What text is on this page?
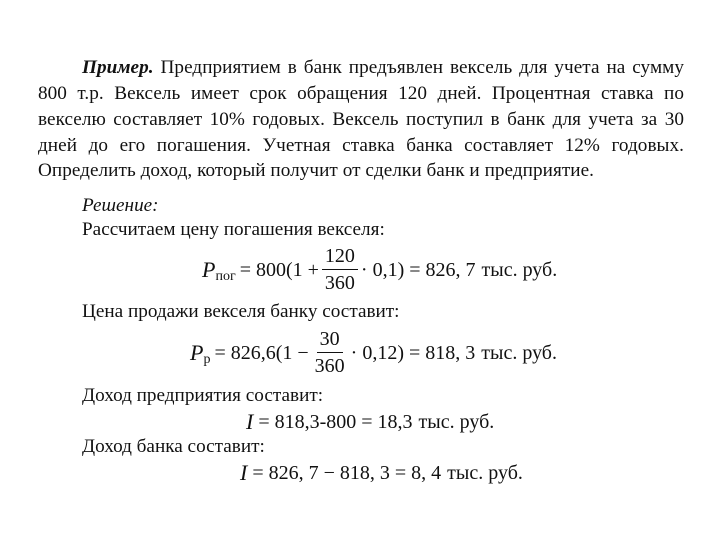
Пример. Предприятием в банк предъявлен вексель для учета на сумму 800 т.р. Вексель имеет срок обращения 120 дней. Процентная ставка по векселю составляет 10% годовых. Вексель поступил в банк для учета за 30 дней до его погашения. Учетная ставка банка составляет 12% годовых. Определить доход, который получит от сделки банк и предприятие.

Решение:
Рассчитаем цену погашения векселя:
P пог = $800(1 + \frac{120}{360} \cdot 0,1) = 826$, 7 тыс. руб.
Цена продажи векселя банку составит:
P $р = 826,6(1 - \frac{30}{360} \cdot 0,12) = 818$, 3 тыс. руб.
Доход предприятия составит:
I = 818,3-800 = 18,3 тыс. руб.
Доход банка составит:
I = 826, 7 − 818, 3 = 8, 4 тыс. руб.
